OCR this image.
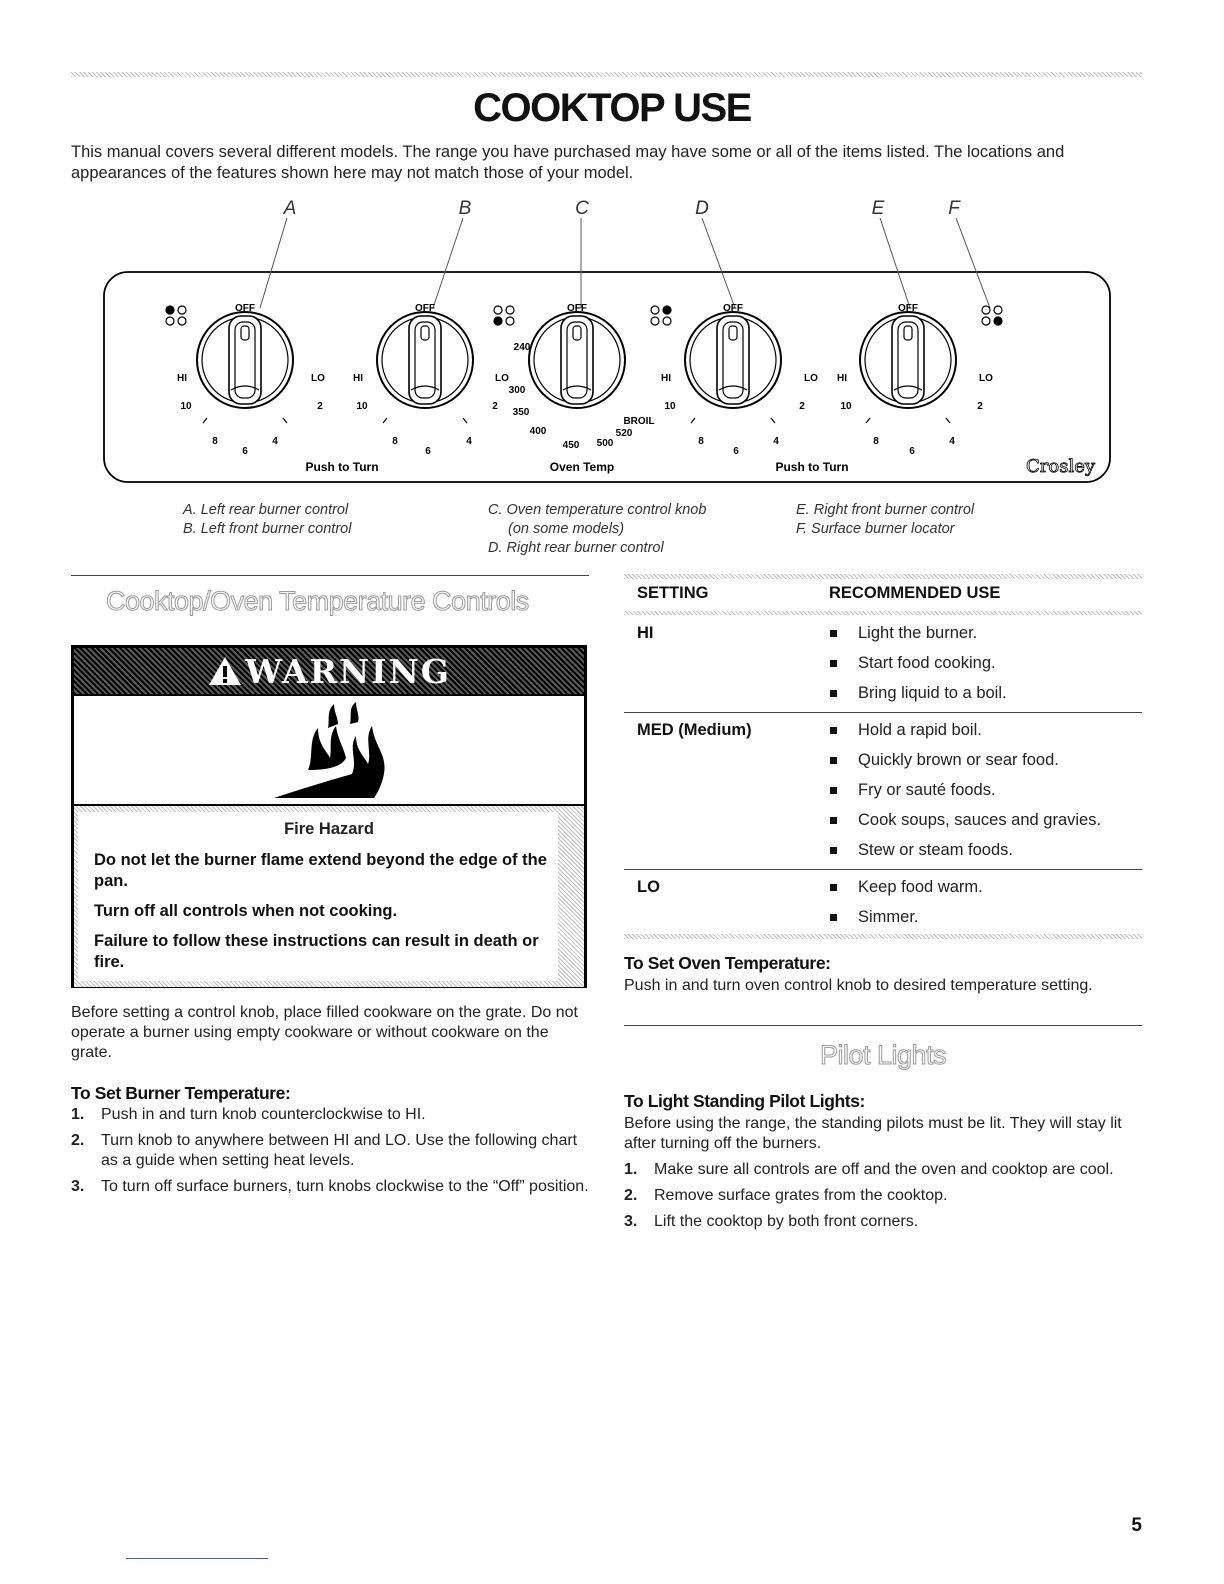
COOKTOP USE
This manual covers several different models. The range you have purchased may have some or all of the items listed. The locations and appearances of the features shown here may not match those of your model.
OFF	OFF	OFF	OFF	OFF
HI
10
8
6
4
2
LO	HI
10
8
6
4
2
LO
240
300
350
400
450 500
520
BROIL
HI
10
8
6
4
2
LO HI
10
8
6
4
2
LO
Push to Turn	Oven Temp	Push to Turn	Crosley
A	B	C	D	E	F
A. Left rear burner control
B. Left front burner control
C. Oven temperature control knob
(on some models)
D. Right rear burner control
E. Right front burner control
F. Surface burner locator
Cooktop/Oven Temperature Controls
WARNING
Fire Hazard
Do not let the burner flame extend beyond the edge of the pan.
Turn off all controls when not cooking.
Failure to follow these instructions can result in death or fire.
Before setting a control knob, place filled cookware on the grate. Do not operate a burner using empty cookware or without cookware on the grate.
To Set Burner Temperature:
1. Push in and turn knob counterclockwise to HI.
2. Turn knob to anywhere between HI and LO. Use the following chart as a guide when setting heat levels.
3. To turn off surface burners, turn knobs clockwise to the “Off” position.
SETTING	RECOMMENDED USE
HI	Light the burner.
Start food cooking.
Bring liquid to a boil.
MED (Medium)	Hold a rapid boil.
Quickly brown or sear food.
Fry or sauté foods.
Cook soups, sauces and gravies.
Stew or steam foods.
LO	Keep food warm.
Simmer.
To Set Oven Temperature:
Push in and turn oven control knob to desired temperature setting.
Pilot Lights
To Light Standing Pilot Lights:
Before using the range, the standing pilots must be lit. They will stay lit after turning off the burners.
1. Make sure all controls are off and the oven and cooktop are cool.
2. Remove surface grates from the cooktop.
3. Lift the cooktop by both front corners.
5
